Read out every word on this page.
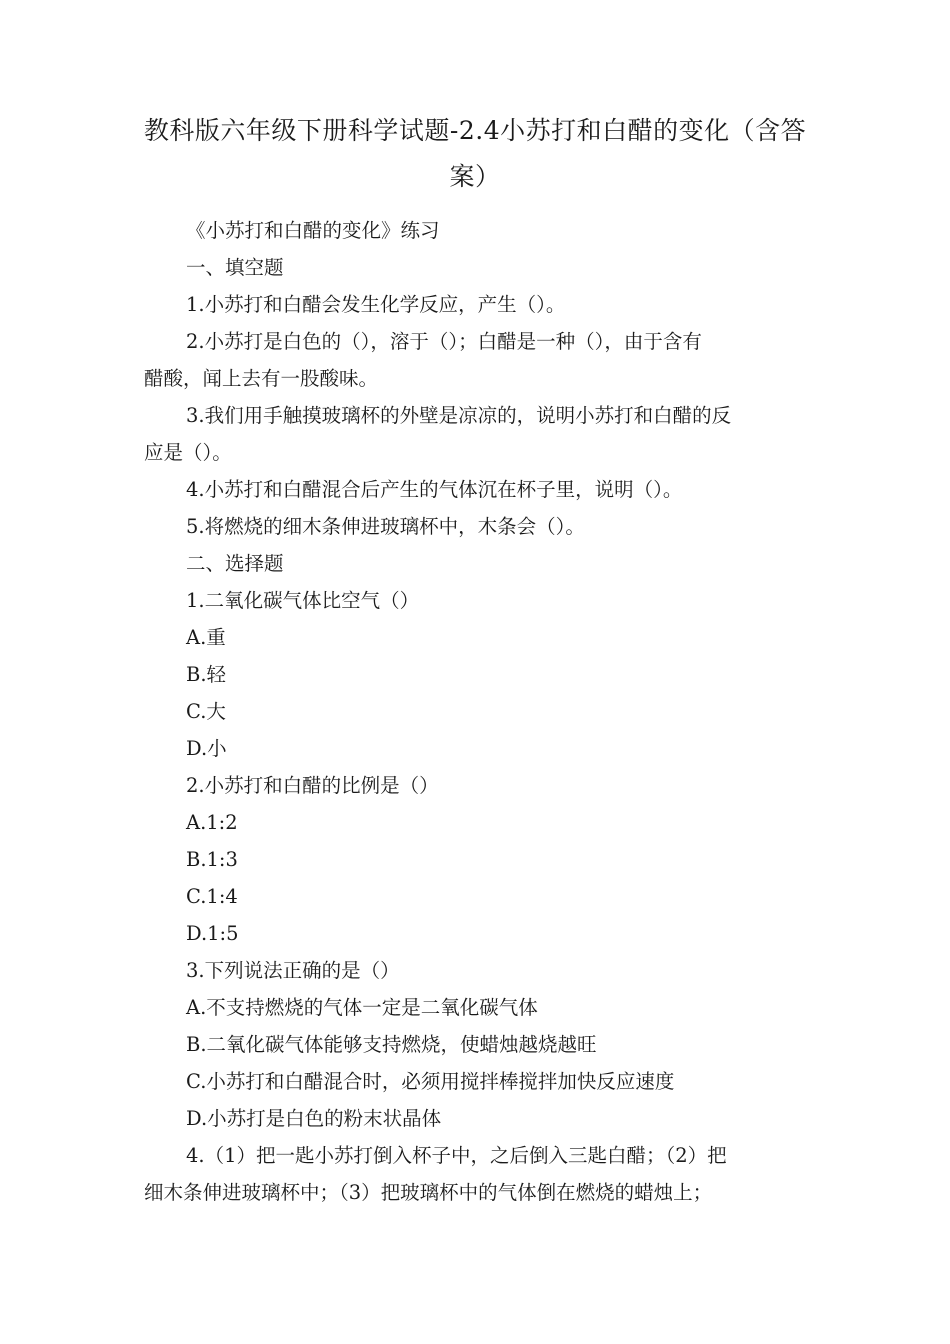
教科版六年级下册科学试题-2.4小苏打和白醋的变化（含答案）
《小苏打和白醋的变化》练习
一、填空题
1.小苏打和白醋会发生化学反应，产生（）。
2.小苏打是白色的（），溶于（）；白醋是一种（），由于含有
醋酸，闻上去有一股酸味。
3.我们用手触摸玻璃杯的外壁是凉凉的，说明小苏打和白醋的反
应是（）。
4.小苏打和白醋混合后产生的气体沉在杯子里，说明（）。
5.将燃烧的细木条伸进玻璃杯中，木条会（）。
二、选择题
1.二氧化碳气体比空气（）
A.重
B.轻
C.大
D.小
2.小苏打和白醋的比例是（）
A.1:2
B.1:3
C.1:4
D.1:5
3.下列说法正确的是（）
A.不支持燃烧的气体一定是二氧化碳气体
B.二氧化碳气体能够支持燃烧，使蜡烛越烧越旺
C.小苏打和白醋混合时，必须用搅拌棒搅拌加快反应速度
D.小苏打是白色的粉末状晶体
4.（1）把一匙小苏打倒入杯子中，之后倒入三匙白醋；（2）把
细木条伸进玻璃杯中；（3）把玻璃杯中的气体倒在燃烧的蜡烛上；
